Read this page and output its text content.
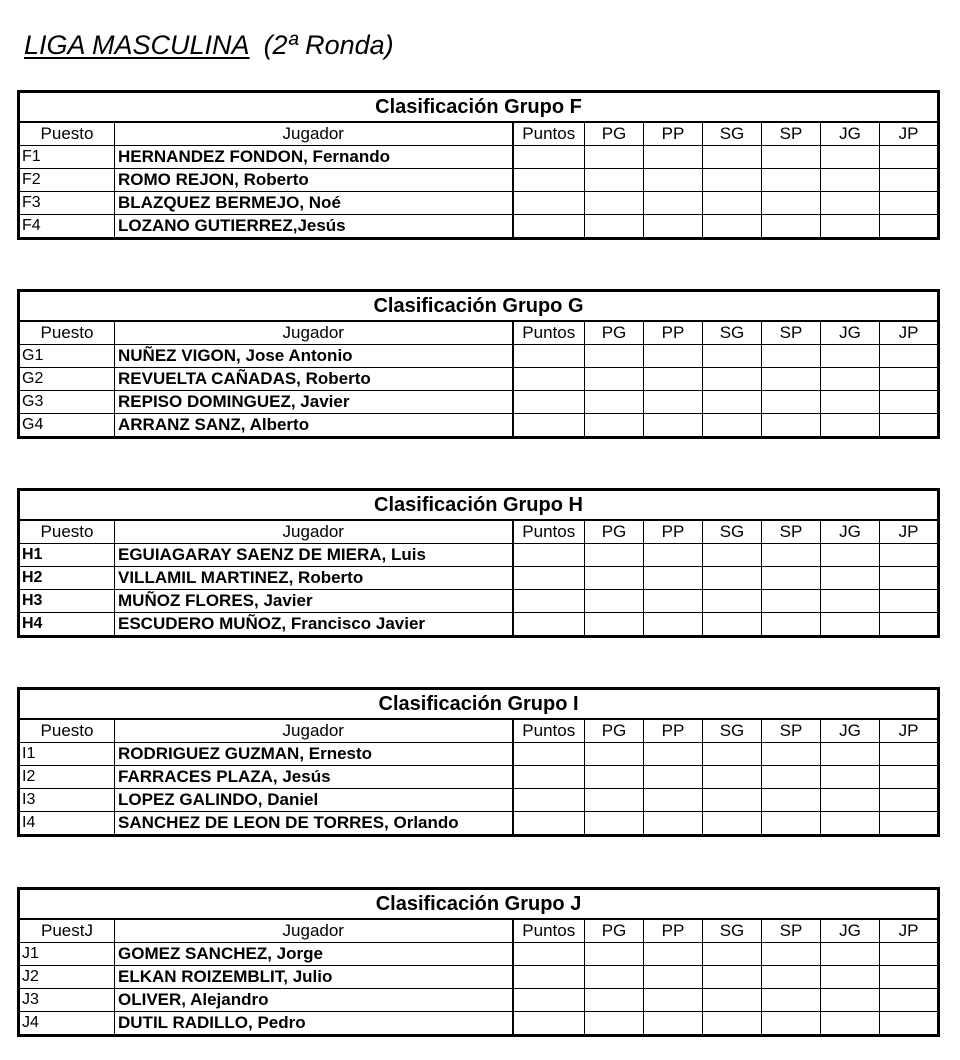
LIGA MASCULINA (2ª Ronda)
Clasificación Grupo F								
Puesto	Jugador	Puntos	PG	PP	SG	SP	JG	JP
F1	HERNANDEZ FONDON, Fernando							
F2	ROMO REJON, Roberto							
F3	BLAZQUEZ BERMEJO, Noé							
F4	LOZANO GUTIERREZ,Jesús							
Clasificación Grupo G								
Puesto	Jugador	Puntos	PG	PP	SG	SP	JG	JP
G1	NUÑEZ VIGON, Jose Antonio							
G2	REVUELTA CAÑADAS, Roberto							
G3	REPISO DOMINGUEZ, Javier							
G4	ARRANZ SANZ, Alberto							
Clasificación Grupo H								
Puesto	Jugador	Puntos	PG	PP	SG	SP	JG	JP
H1	EGUIAGARAY SAENZ DE MIERA, Luis							
H2	VILLAMIL MARTINEZ, Roberto							
H3	MUÑOZ FLORES, Javier							
H4	ESCUDERO MUÑOZ, Francisco Javier							
Clasificación Grupo I								
Puesto	Jugador	Puntos	PG	PP	SG	SP	JG	JP
I1	RODRIGUEZ GUZMAN, Ernesto							
I2	FARRACES PLAZA, Jesús							
I3	LOPEZ GALINDO, Daniel							
I4	SANCHEZ DE LEON DE TORRES, Orlando							
Clasificación Grupo J								
PuestJ	Jugador	Puntos	PG	PP	SG	SP	JG	JP
J1	GOMEZ SANCHEZ, Jorge							
J2	ELKAN ROIZEMBLIT, Julio							
J3	OLIVER, Alejandro							
J4	DUTIL RADILLO, Pedro							
